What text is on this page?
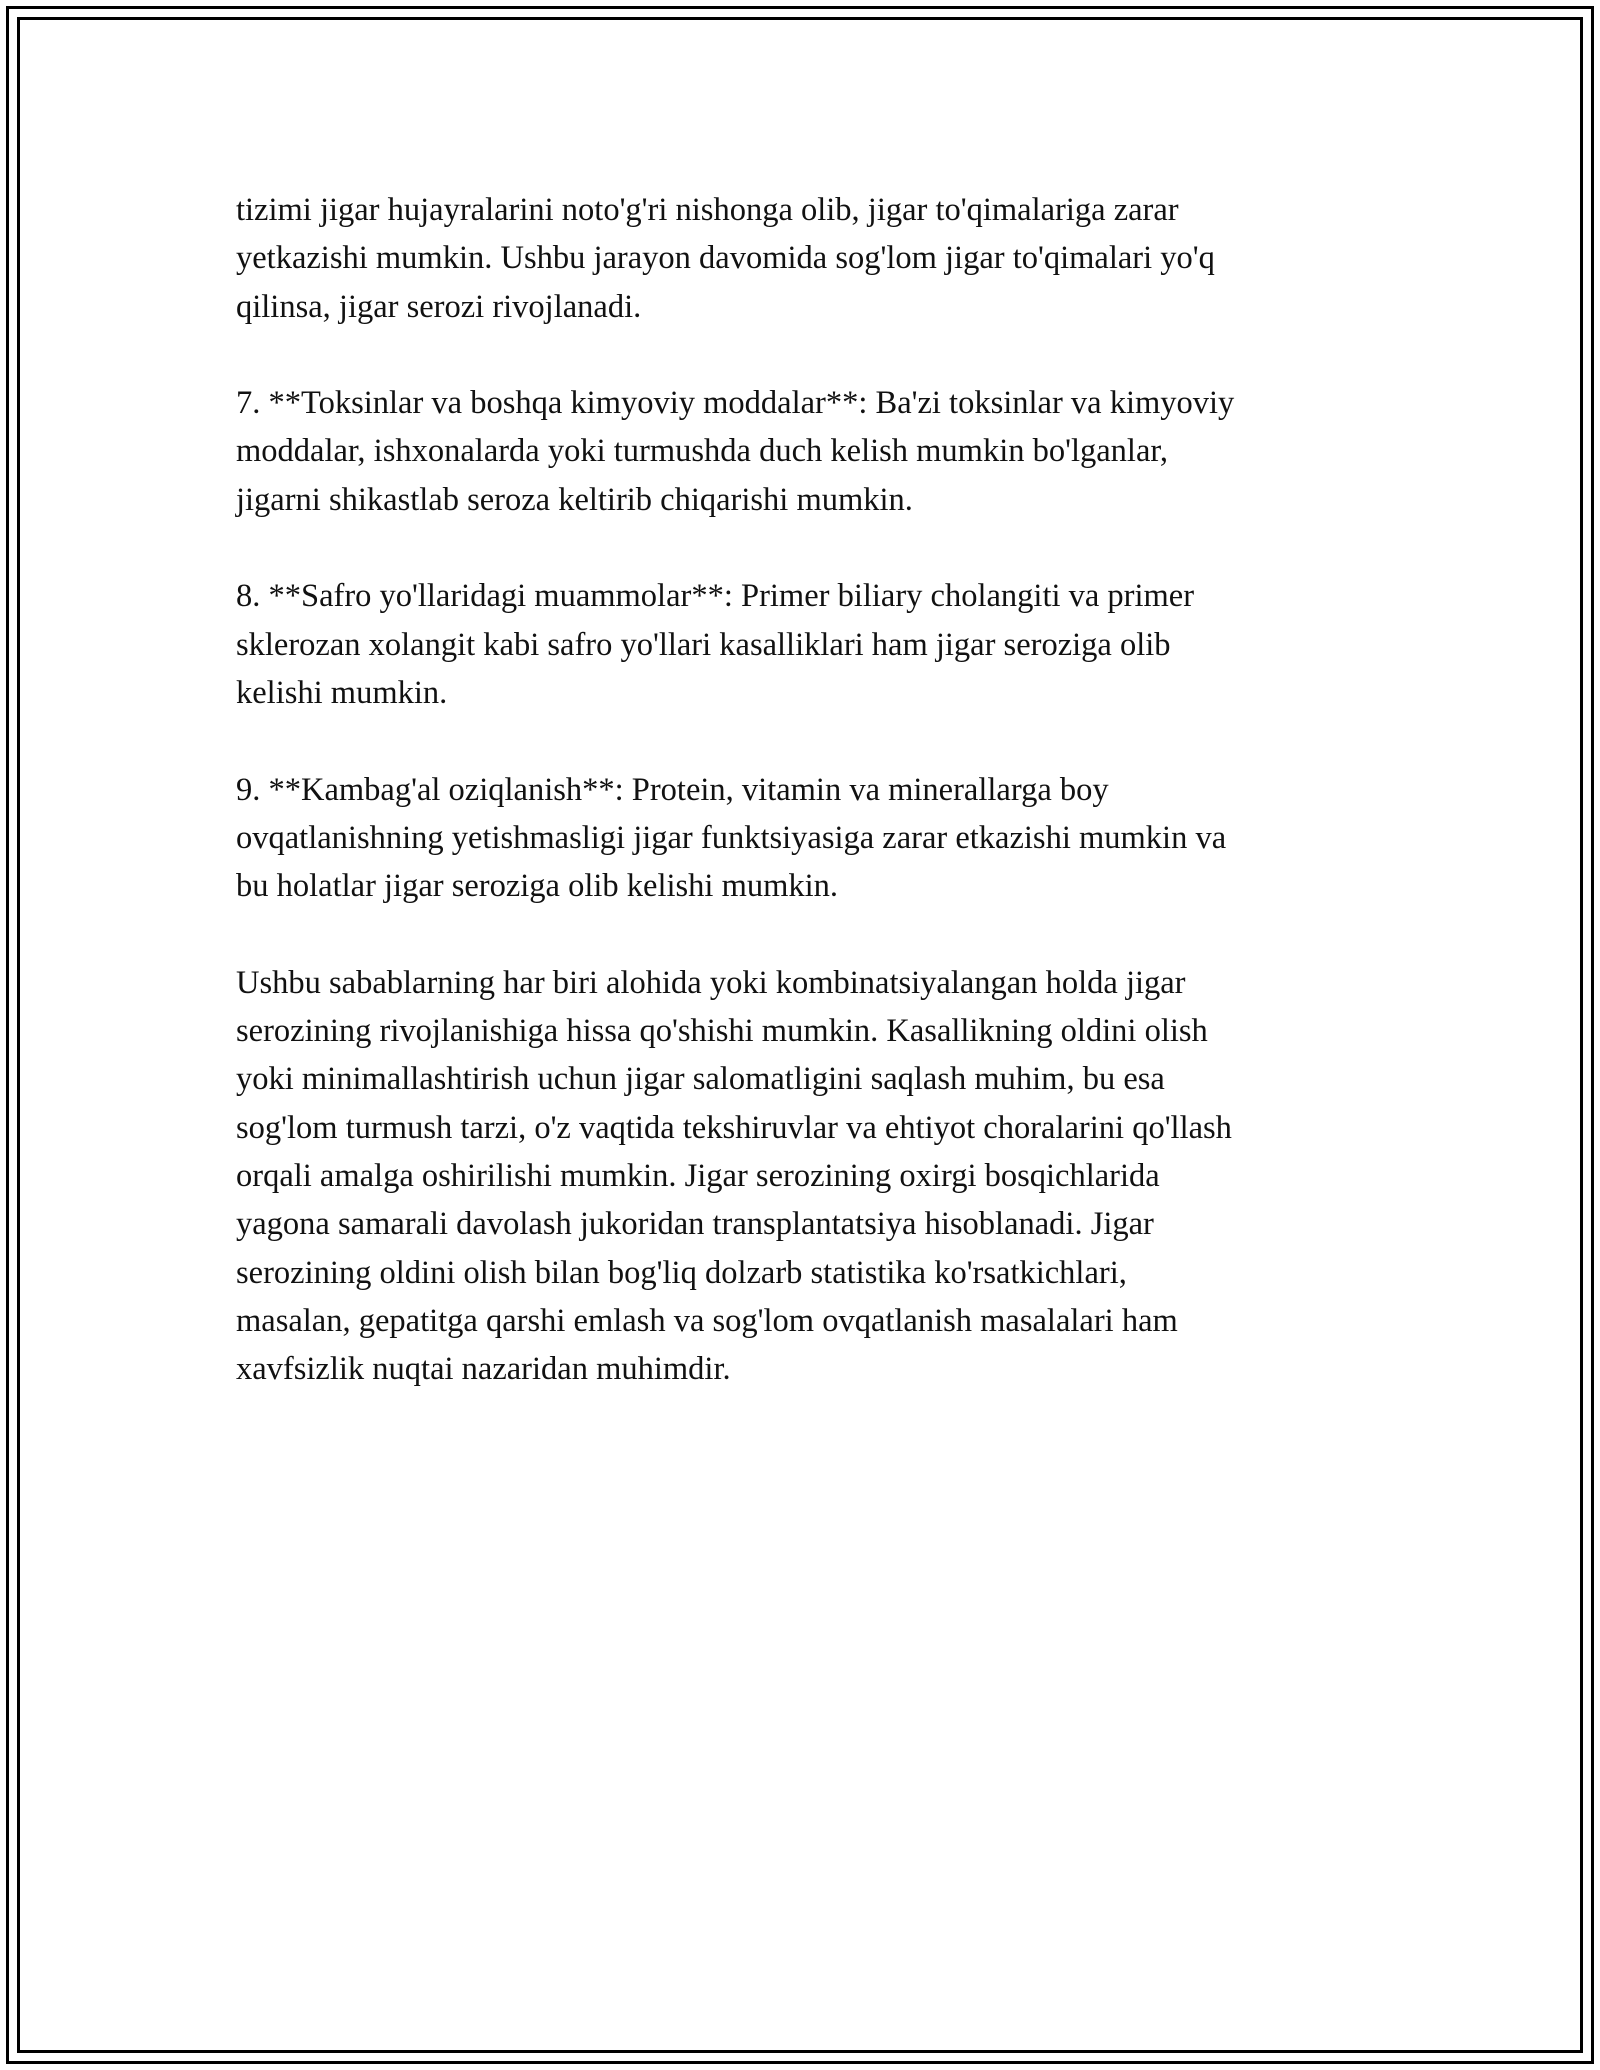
tizimi jigar hujayralarini noto'g'ri nishonga olib, jigar to'qimalariga zarar
yetkazishi mumkin. Ushbu jarayon davomida sog'lom jigar to'qimalari yo'q
qilinsa, jigar serozi rivojlanadi.

7. **Toksinlar va boshqa kimyoviy moddalar**: Ba'zi toksinlar va kimyoviy
moddalar, ishxonalarda yoki turmushda duch kelish mumkin bo'lganlar,
jigarni shikastlab seroza keltirib chiqarishi mumkin.

8. **Safro yo'llaridagi muammolar**: Primer biliary cholangiti va primer
sklerozan xolangit kabi safro yo'llari kasalliklari ham jigar seroziga olib
kelishi mumkin.

9. **Kambag'al oziqlanish**: Protein, vitamin va minerallarga boy
ovqatlanishning yetishmasligi jigar funktsiyasiga zarar etkazishi mumkin va
bu holatlar jigar seroziga olib kelishi mumkin.

Ushbu sabablarning har biri alohida yoki kombinatsiyalangan holda jigar
serozining rivojlanishiga hissa qo'shishi mumkin. Kasallikning oldini olish
yoki minimallashtirish uchun jigar salomatligini saqlash muhim, bu esa
sog'lom turmush tarzi, o'z vaqtida tekshiruvlar va ehtiyot choralarini qo'llash
orqali amalga oshirilishi mumkin. Jigar serozining oxirgi bosqichlarida
yagona samarali davolash jukoridan transplantatsiya hisoblanadi. Jigar
serozining oldini olish bilan bog'liq dolzarb statistika ko'rsatkichlari,
masalan, gepatitga qarshi emlash va sog'lom ovqatlanish masalalari ham
xavfsizlik nuqtai nazaridan muhimdir.
